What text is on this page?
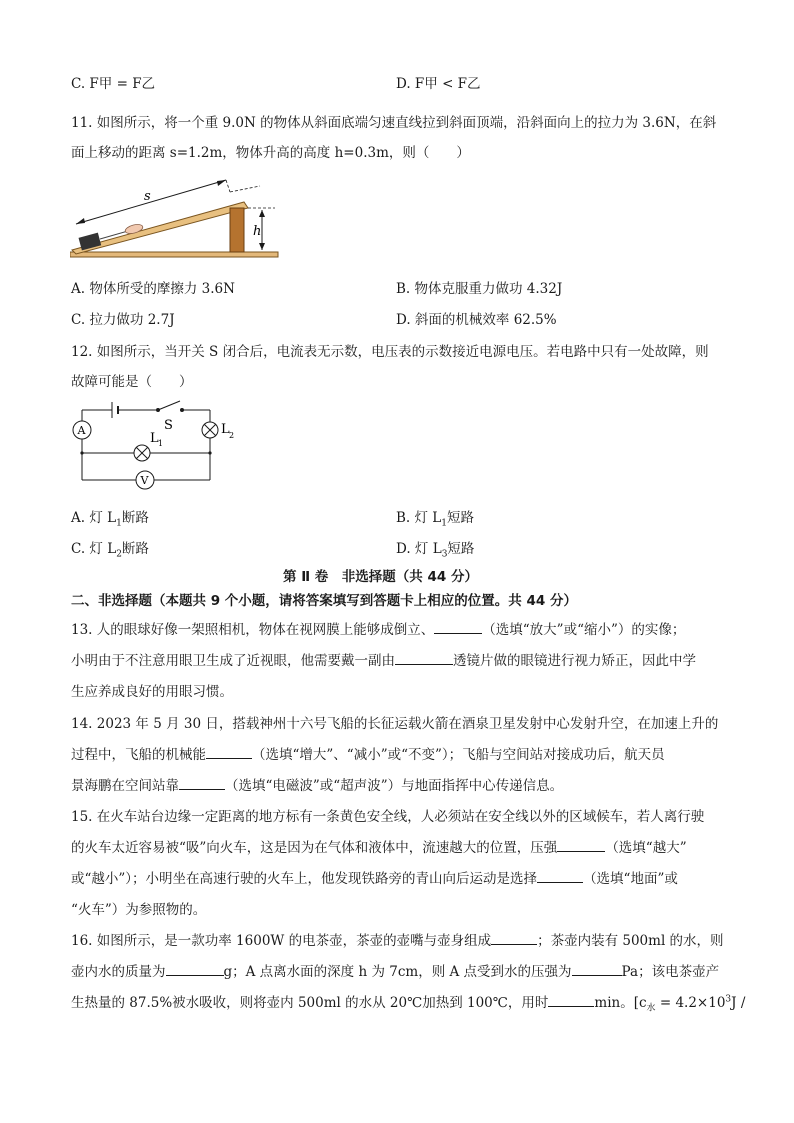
C. F甲 = F乙	D. F甲 < F乙
11. 如图所示，将一个重 9.0N 的物体从斜面底端匀速直线拉到斜面顶端，沿斜面向上的拉力为 3.6N，在斜
面上移动的距离 s=1.2m，物体升高的高度 h=0.3m，则（　　）
s
h
A. 物体所受的摩擦力 3.6N	B. 物体克服重力做功 4.32J
C. 拉力做功 2.7J	D. 斜面的机械效率 62.5%
12. 如图所示，当开关 S 闭合后，电流表无示数，电压表的示数接近电源电压。若电路中只有一处故障，则
故障可能是（　　）
S
A	L 2
L 1
V
A. 灯 $L_1$断路	B. 灯 $L_1$短路
C. 灯 $L_2$断路	D. 灯 $L_3$短路
第 Ⅱ 卷　非选择题（共 44 分）
二、非选择题（本题共 9 个小题，请将答案填写到答题卡上相应的位置。共 44 分）
13. 人的眼球好像一架照相机，物体在视网膜上能够成倒立、	（选填“放大”或“缩小”）的实像；
小明由于不注意用眼卫生成了近视眼，他需要戴一副由	透镜片做的眼镜进行视力矫正，因此中学
生应养成良好的用眼习惯。
14. 2023 年 5 月 30 日，搭载神州十六号飞船的长征运载火箭在酒泉卫星发射中心发射升空，在加速上升的
过程中，飞船的机械能	（选填“增大”、“减小”或“不变”）；飞船与空间站对接成功后，航天员
景海鹏在空间站靠	（选填“电磁波”或“超声波”）与地面指挥中心传递信息。
15. 在火车站台边缘一定距离的地方标有一条黄色安全线，人必须站在安全线以外的区域候车，若人离行驶
的火车太近容易被“吸”向火车，这是因为在气体和液体中，流速越大的位置，压强	（选填“越大”
或“越小”）；小明坐在高速行驶的火车上，他发现铁路旁的青山向后运动是选择	（选填“地面”或
“火车”）为参照物的。
16. 如图所示，是一款功率 1600W 的电茶壶，茶壶的壶嘴与壶身组成	；茶壶内装有 500ml 的水，则
壶内水的质量为	g；A 点离水面的深度 h 为 7cm，则 A 点受到水的压强为	Pa；该电茶壶产
生热量的 87.5%被水吸收，则将壶内 500ml 的水从 20℃加热到 100℃，用时	min。[$c_水 = 4.2\times 10^3J$ /
